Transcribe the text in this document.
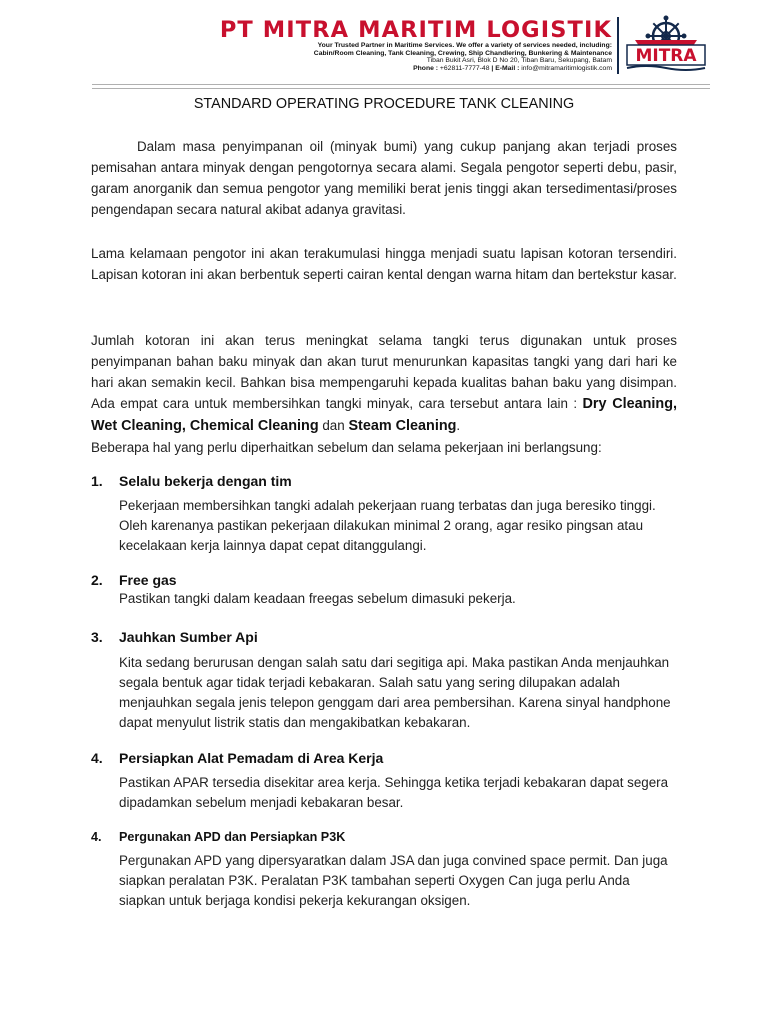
PT MITRA MARITIM LOGISTIK
Your Trusted Partner in Maritime Services. We offer a variety of services needed, including:
Cabin/Room Cleaning, Tank Cleaning, Crewing, Ship Chandlering, Bunkering & Maintenance
Tiban Bukit Asri, Blok D No 20, Tiban Baru, Sekupang, Batam
Phone : +62811-7777-48 | E-Mail : info@mitramaritimlogistik.com
MITRA
STANDARD OPERATING PROCEDURE TANK CLEANING

Dalam masa penyimpanan oil (minyak bumi) yang cukup panjang akan terjadi proses pemisahan antara minyak dengan pengotornya secara alami. Segala pengotor seperti debu, pasir, garam anorganik dan semua pengotor yang memiliki berat jenis tinggi akan tersedimentasi/proses pengendapan secara natural akibat adanya gravitasi.

Lama kelamaan pengotor ini akan terakumulasi hingga menjadi suatu lapisan kotoran tersendiri. Lapisan kotoran ini akan berbentuk seperti cairan kental dengan warna hitam dan bertekstur kasar.

Jumlah kotoran ini akan terus meningkat selama tangki terus digunakan untuk proses penyimpanan bahan baku minyak dan akan turut menurunkan kapasitas tangki yang dari hari ke hari akan semakin kecil. Bahkan bisa mempengaruhi kepada kualitas bahan baku yang disimpan. Ada empat cara untuk membersihkan tangki minyak, cara tersebut antara lain : Dry Cleaning, Wet Cleaning, Chemical Cleaning dan Steam Cleaning.

Beberapa hal yang perlu diperhaitkan sebelum dan selama pekerjaan ini berlangsung:

1. Selalu bekerja dengan tim

Pekerjaan membersihkan tangki adalah pekerjaan ruang terbatas dan juga beresiko tinggi. Oleh karenanya pastikan pekerjaan dilakukan minimal 2 orang, agar resiko pingsan atau kecelakaan kerja lainnya dapat cepat ditanggulangi.

2. Free gas

Pastikan tangki dalam keadaan freegas sebelum dimasuki pekerja.

3. Jauhkan Sumber Api

Kita sedang berurusan dengan salah satu dari segitiga api. Maka pastikan Anda menjauhkan segala bentuk agar tidak terjadi kebakaran. Salah satu yang sering dilupakan adalah menjauhkan segala jenis telepon genggam dari area pembersihan. Karena sinyal handphone dapat menyulut listrik statis dan mengakibatkan kebakaran.

4. Persiapkan Alat Pemadam di Area Kerja

Pastikan APAR tersedia disekitar area kerja. Sehingga ketika terjadi kebakaran dapat segera dipadamkan sebelum menjadi kebakaran besar.

4. Pergunakan APD dan Persiapkan P3K

Pergunakan APD yang dipersyaratkan dalam JSA dan juga convined space permit. Dan juga siapkan peralatan P3K. Peralatan P3K tambahan seperti Oxygen Can juga perlu Anda siapkan untuk berjaga kondisi pekerja kekurangan oksigen.
